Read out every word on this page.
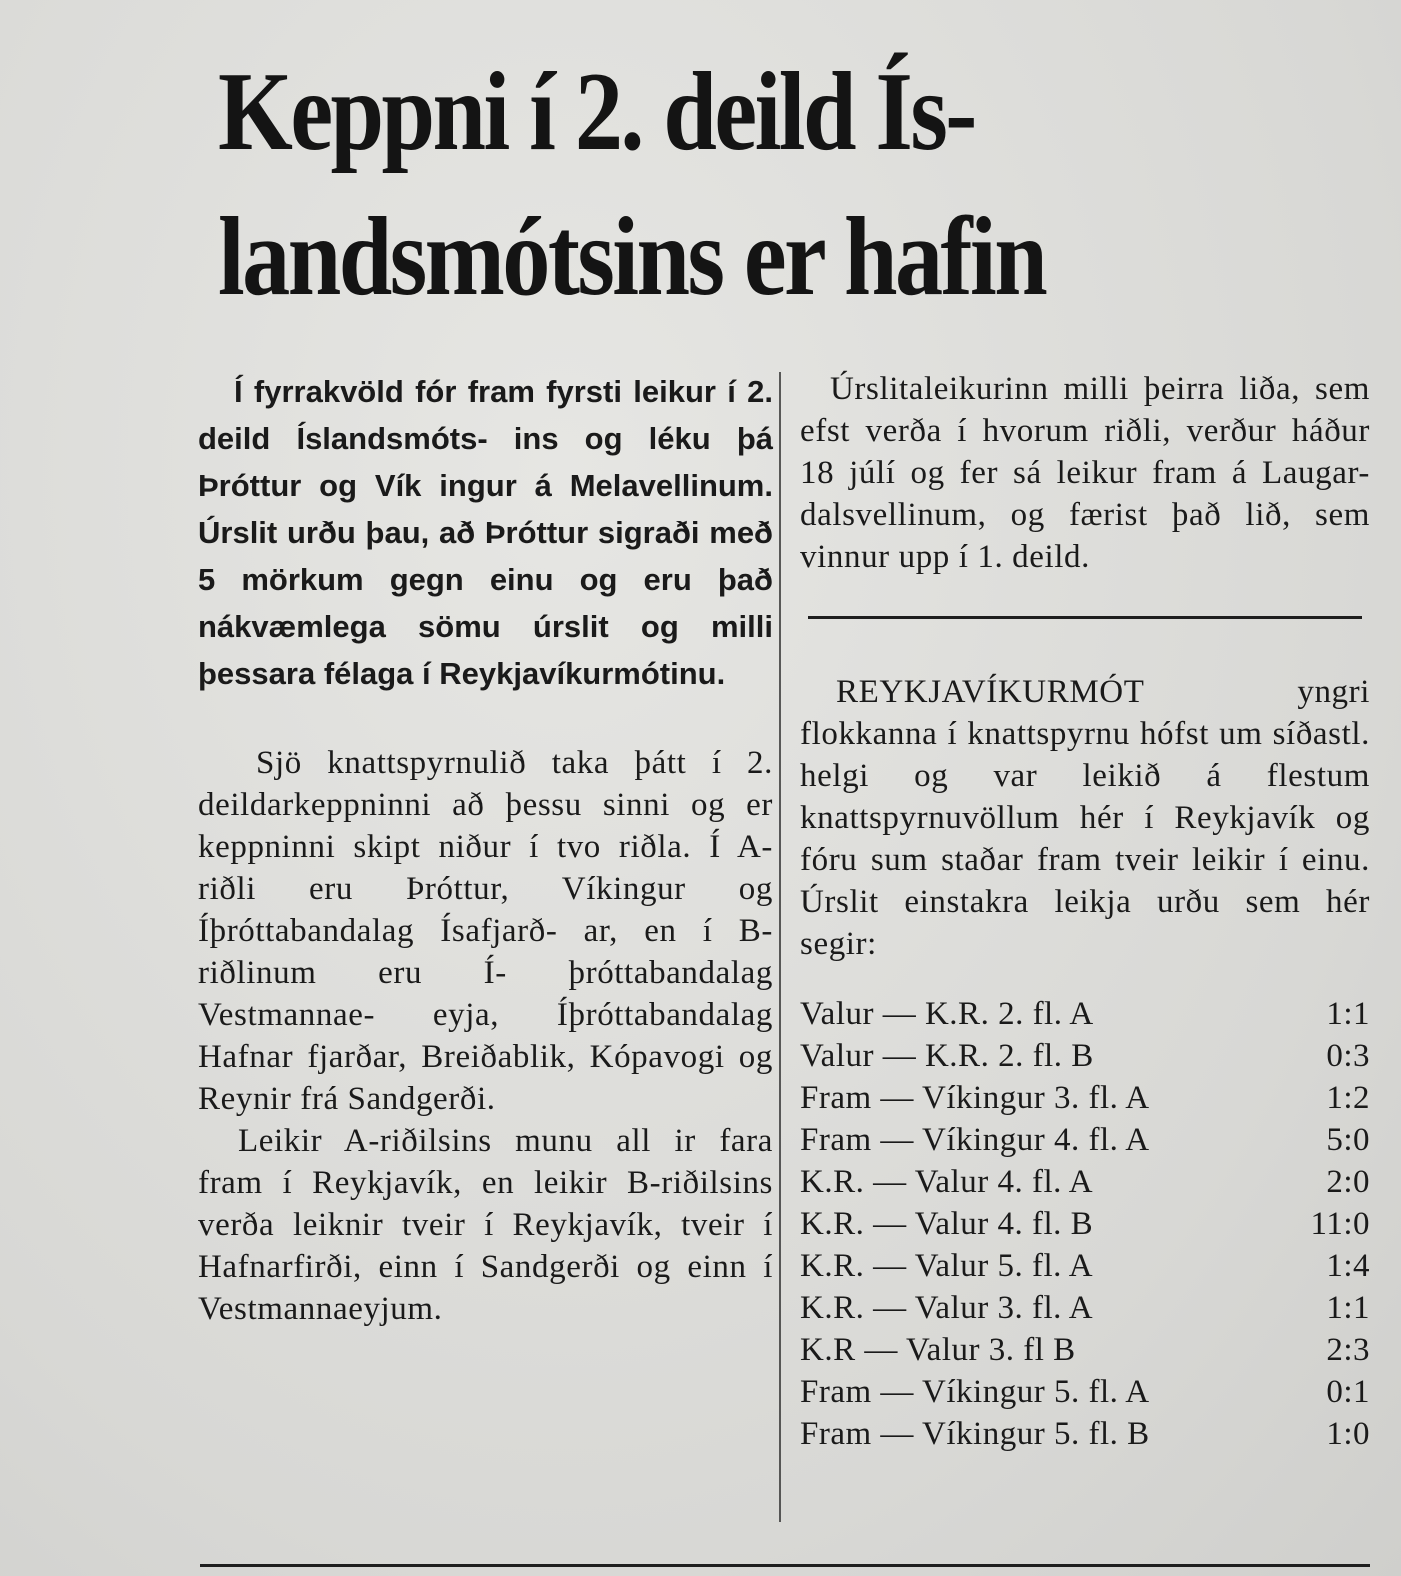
Keppni í 2. deild Ís-
landsmótsins er hafin

Í fyrrakvöld fór fram fyrsti leikur í 2. deild Íslandsmóts- ins og léku þá Þróttur og Vík ingur á Melavellinum. Úrslit urðu þau, að Þróttur sigraði með 5 mörkum gegn einu og eru það nákvæmlega sömu úrslit og milli þessara félaga í Reykjavíkurmótinu.

Sjö knattspyrnulið taka þátt í 2. deildarkeppninni að þessu sinni og er keppninni skipt niður í tvo riðla. Í A- riðli eru Þróttur, Víkingur og Íþróttabandalag Ísafjarð- ar, en í B-riðlinum eru Í- þróttabandalag Vestmannae- eyja, Íþróttabandalag Hafnar fjarðar, Breiðablik, Kópavogi og Reynir frá Sandgerði.

Leikir A-riðilsins munu all ir fara fram í Reykjavík, en leikir B-riðilsins verða leiknir tveir í Reykjavík, tveir í Hafnarfirði, einn í Sandgerði og einn í Vestmannaeyjum.

Úrslitaleikurinn milli þeirra liða, sem efst verða í hvorum riðli, verður háður 18 júlí og fer sá leikur fram á Laugar- dalsvellinum, og færist það lið, sem vinnur upp í 1. deild.

REYKJAVÍKURMÓT yngri flokkanna í knattspyrnu hófst um síðastl. helgi og var leikið á flestum knattspyrnuvöllum hér í Reykjavík og fóru sum staðar fram tveir leikir í einu. Úrslit einstakra leikja urðu sem hér segir:

Valur — K.R. 2. fl. A	1:1
Valur — K.R. 2. fl. B	0:3
Fram — Víkingur 3. fl. A	1:2
Fram — Víkingur 4. fl. A	5:0
K.R. — Valur 4. fl. A	2:0
K.R. — Valur 4. fl. B	11:0
K.R. — Valur 5. fl. A	1:4
K.R. — Valur 3. fl. A	1:1
K.R — Valur 3. fl B	2:3
Fram — Víkingur 5. fl. A	0:1
Fram — Víkingur 5. fl. B	1:0
